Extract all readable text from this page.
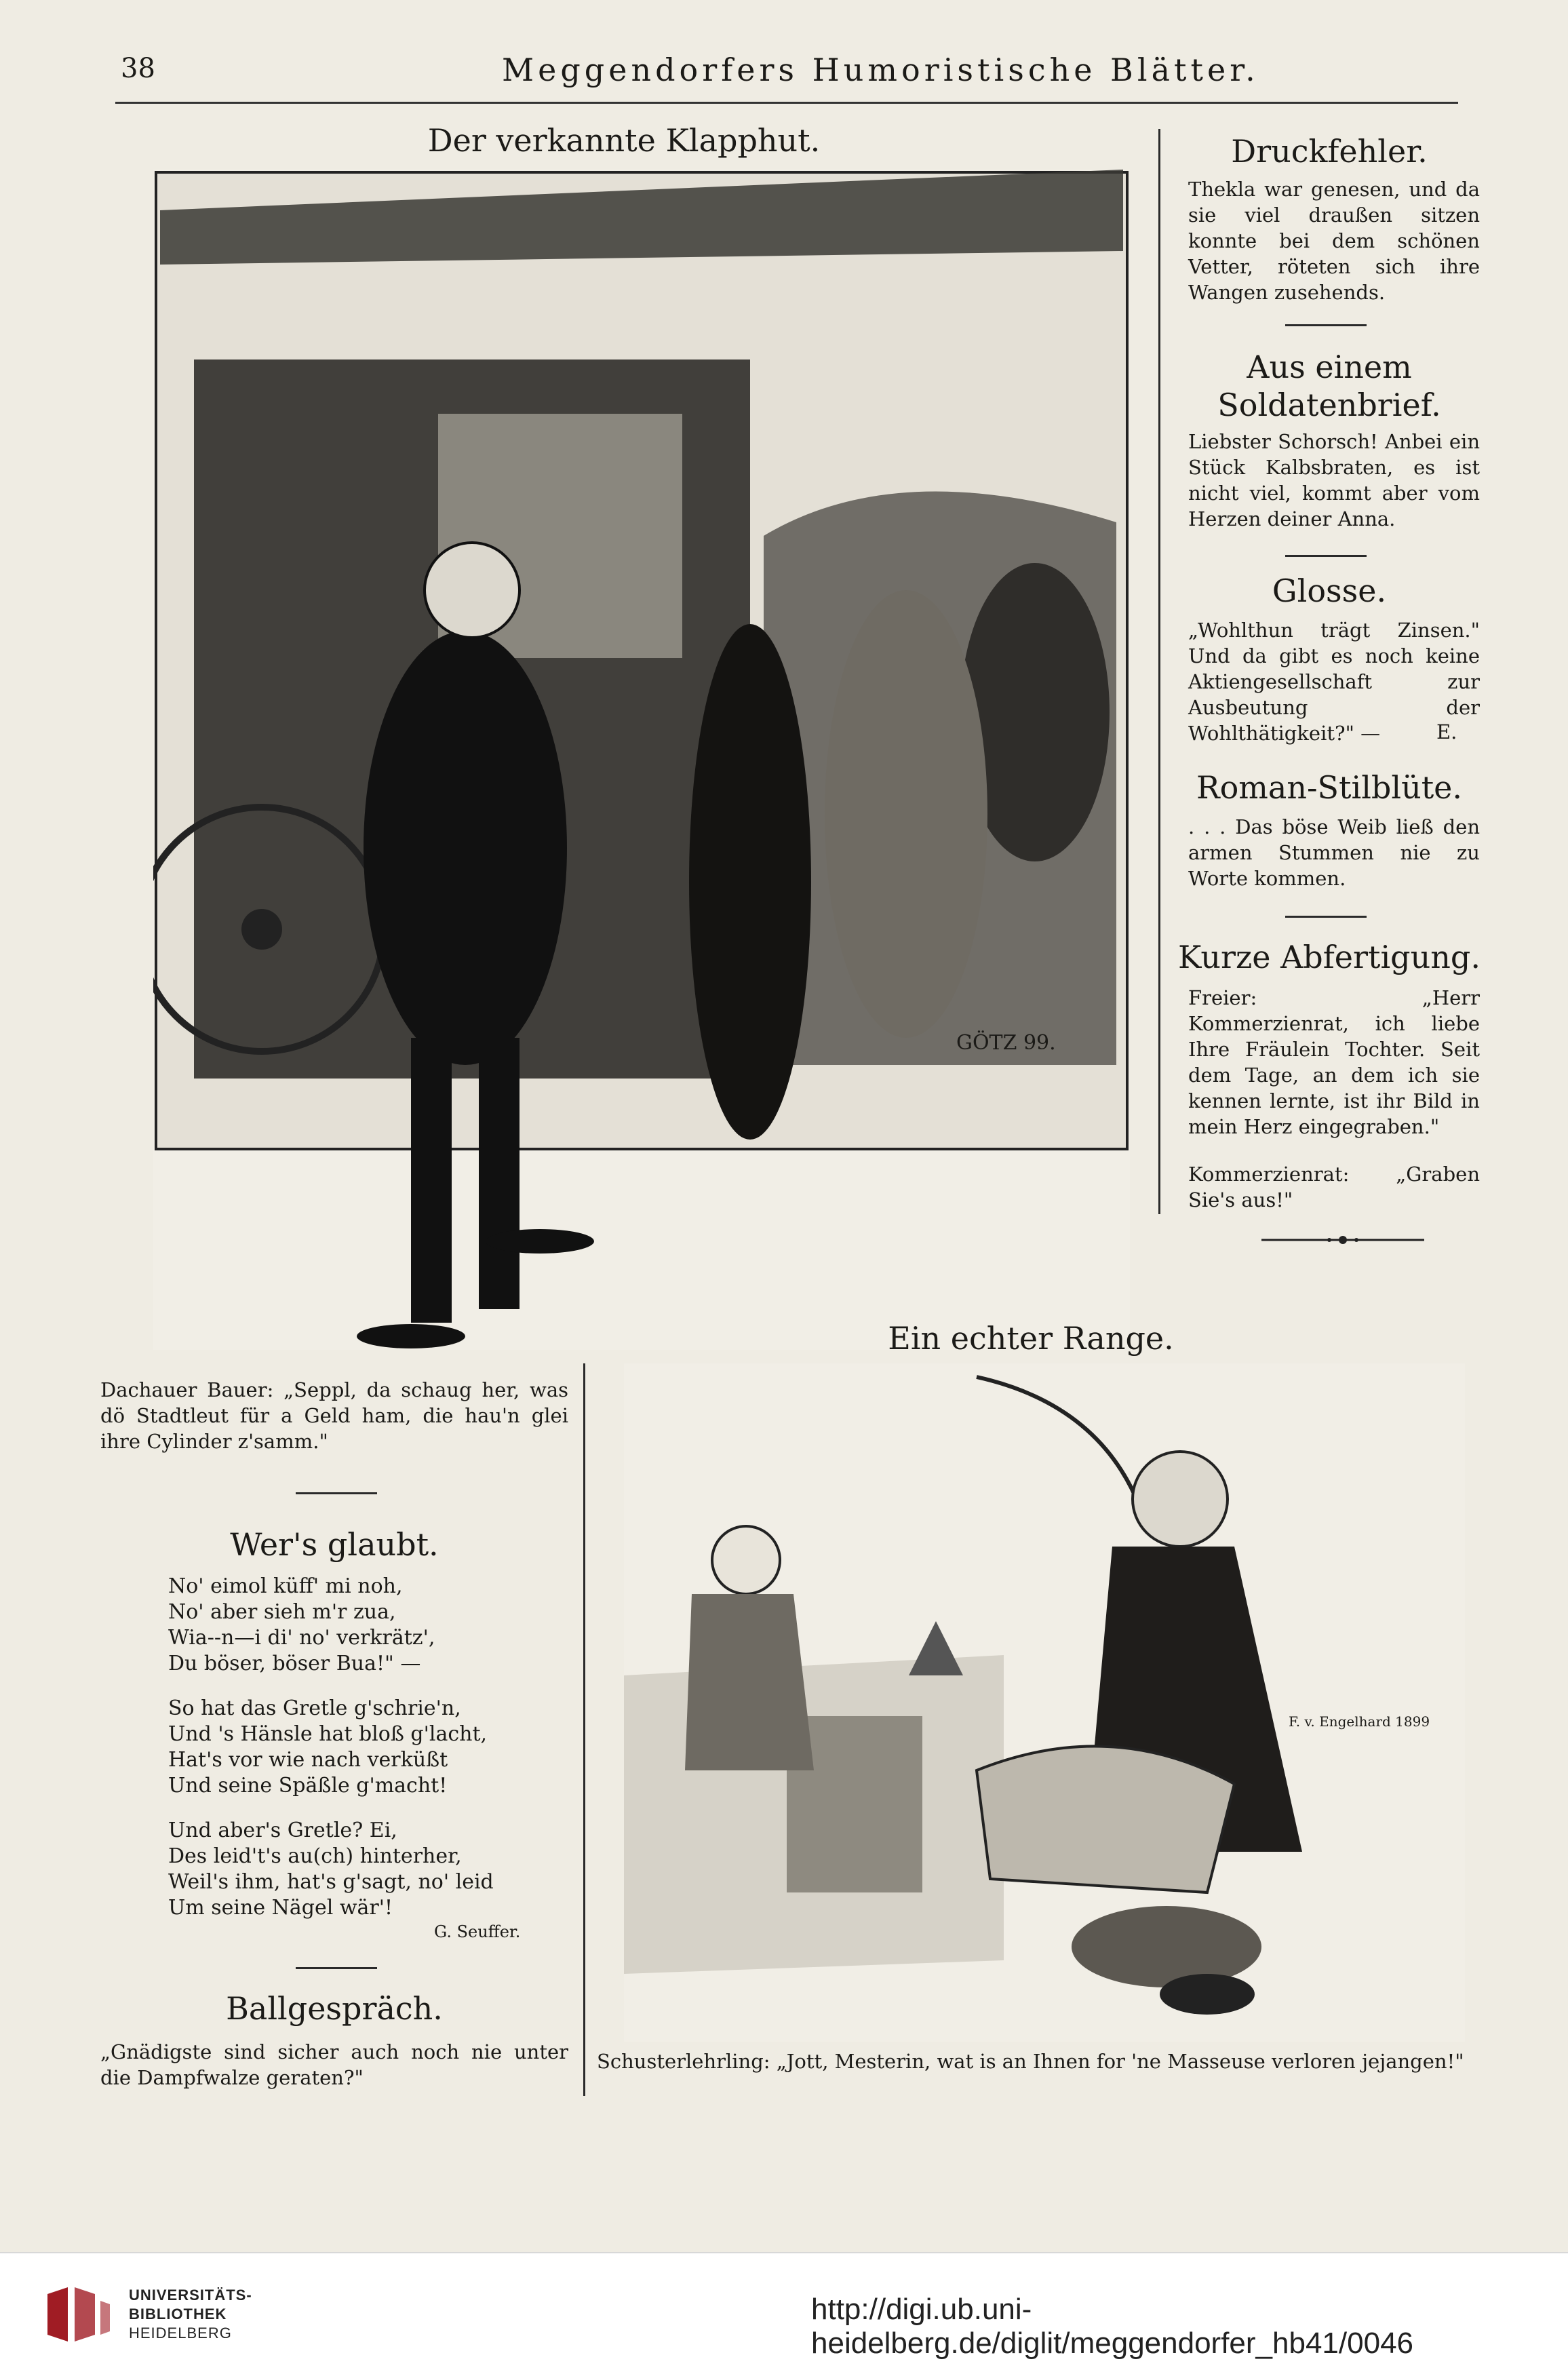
38	Meggendorfers Humoristische Blätter.
Der verkannte Klapphut.
GÖTZ 99.
Dachauer Bauer: „Seppl, da schaug her, was dö Stadtleut für a Geld ham, die hau'n glei ihre Cylinder z'samm."
Druckfehler.
Thekla war genesen, und da sie viel draußen sitzen konnte bei dem schönen Vetter, röteten sich ihre Wangen zusehends.
Aus einem
Soldatenbrief.
Liebster Schorsch! Anbei ein Stück Kalbsbraten, es ist nicht viel, kommt aber vom Herzen deiner Anna.
Glosse.
„Wohlthun trägt Zinsen." Und da gibt es noch keine Aktiengesellschaft zur Ausbeutung der Wohlthätigkeit?" —	E.
Roman-Stilblüte.
. . . Das böse Weib ließ den armen Stummen nie zu Worte kommen.
Kurze Abfertigung.
Freier: „Herr Kommerzienrat, ich liebe Ihre Fräulein Tochter. Seit dem Tage, an dem ich sie kennen lernte, ist ihr Bild in mein Herz eingegraben."
Kommerzienrat: „Graben Sie's aus!"
Wer's glaubt.

No' eimol küff' mi noh,
No' aber sieh m'r zua,
Wia--n—i di' no' verkrätz',
Du böser, böser Bua!" —

So hat das Gretle g'schrie'n,
Und 's Hänsle hat bloß g'lacht,
Hat's vor wie nach verküßt
Und seine Späßle g'macht!

Und aber's Gretle? Ei,
Des leid't's au(ch) hinterher,
Weil's ihm, hat's g'sagt, no' leid
Um seine Nägel wär'!

G. Seuffer.
Ballgespräch.
„Gnädigste sind sicher auch noch nie unter die Dampfwalze geraten?"
Ein echter Range.
F. v. Engelhard 1899
Schusterlehrling: „Jott, Mesterin, wat is an Ihnen for 'ne Masseuse verloren jejangen!"
UNIVERSITÄTS-
BIBLIOTHEK
HEIDELBERG
http://digi.ub.uni-heidelberg.de/diglit/meggendorfer_hb41/0046
